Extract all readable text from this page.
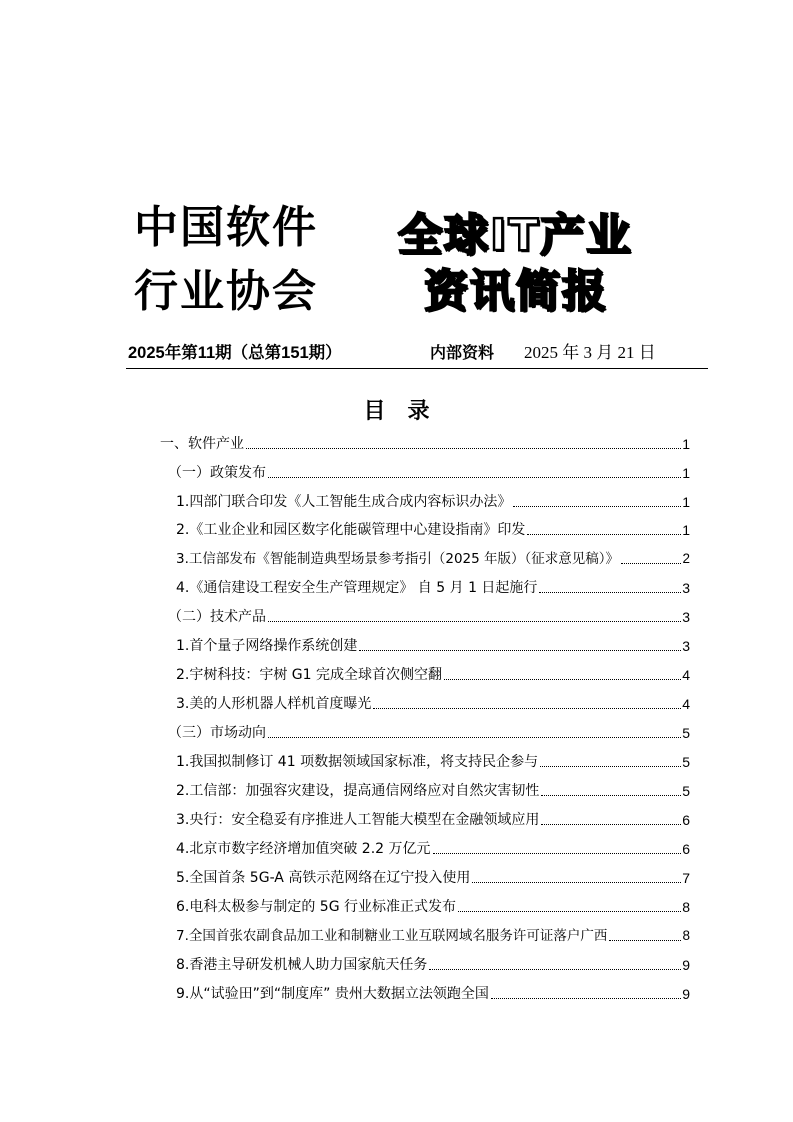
中国软件
行业协会
全球IT产业
资讯简报
2025年第11期（总第151期）	内部资料 2025 年 3 月 21 日
目录
一、软件产业	1
（一）政策发布	1
1.四部门联合印发《人工智能生成合成内容标识办法》	1
2.《工业企业和园区数字化能碳管理中心建设指南》印发	1
3.工信部发布《智能制造典型场景参考指引（2025 年版）（征求意见稿）》	2
4.《通信建设工程安全生产管理规定》 自 5 月 1 日起施行	3
（二）技术产品	3
1.首个量子网络操作系统创建	3
2.宇树科技：宇树 G1 完成全球首次侧空翻	4
3.美的人形机器人样机首度曝光	4
（三）市场动向	5
1.我国拟制修订 41 项数据领域国家标准，将支持民企参与	5
2.工信部：加强容灾建设，提高通信网络应对自然灾害韧性	5
3.央行：安全稳妥有序推进人工智能大模型在金融领域应用	6
4.北京市数字经济增加值突破 2.2 万亿元	6
5.全国首条 5G-A 高铁示范网络在辽宁投入使用	7
6.电科太极参与制定的 5G 行业标准正式发布	8
7.全国首张农副食品加工业和制糖业工业互联网域名服务许可证落户广西	8
8.香港主导研发机械人助力国家航天任务	9
9.从“试验田”到“制度库” 贵州大数据立法领跑全国	9
